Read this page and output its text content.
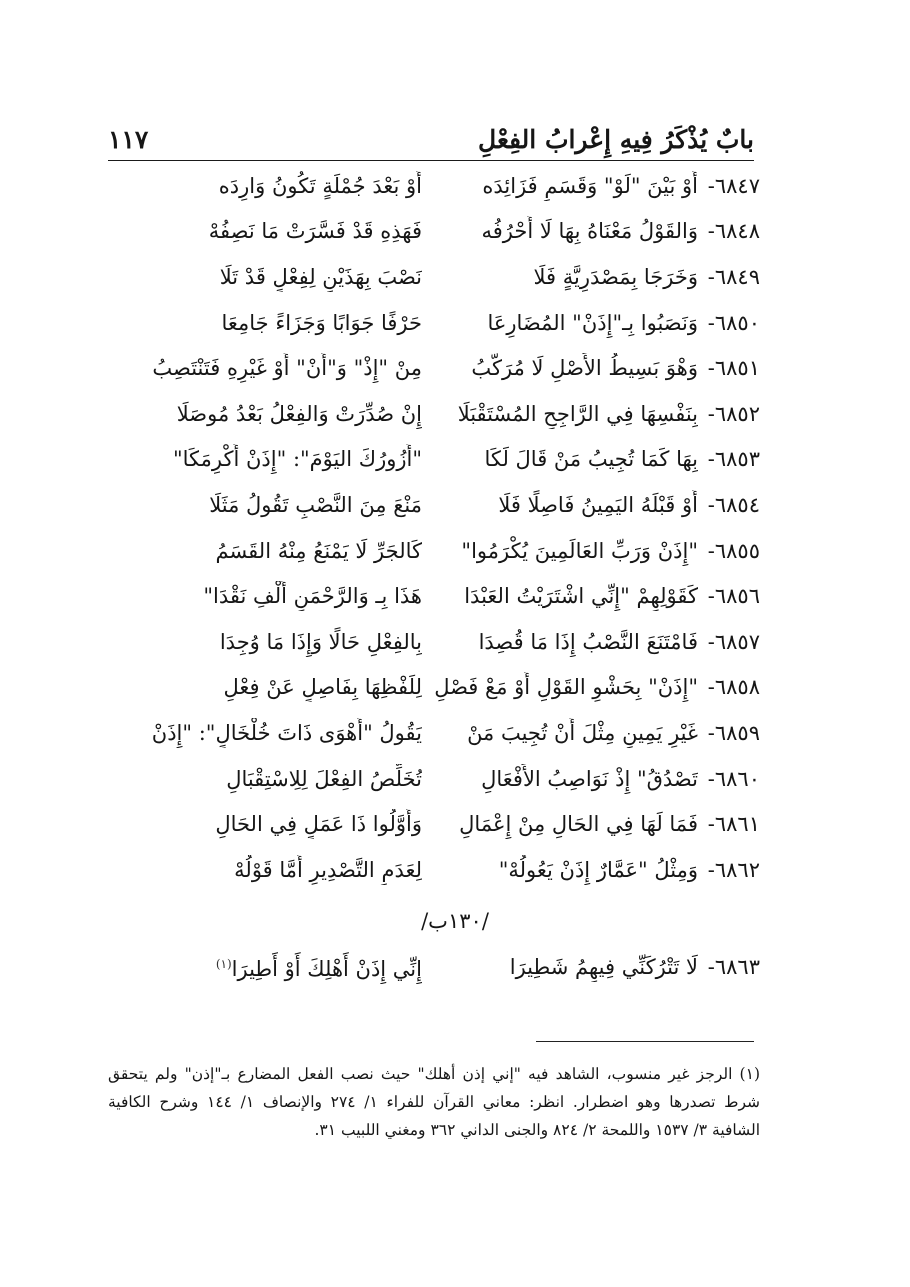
بابٌ يُذْكَرُ فِيهِ إِعْرابُ الفِعْلِ
١١٧
٦٨٤٧-
أَوْ بَيْنَ "لَوْ" وَقَسَمٍ فَزَائِدَه
أَوْ بَعْدَ جُمْلَةٍ تَكُونُ وَارِدَه
٦٨٤٨-
وَالقَوْلُ مَعْنَاهُ بِهَا لَا أَحْرُفُه
فَهَذِهِ قَدْ فَسَّرَتْ مَا نَصِفُهْ
٦٨٤٩-
وَخَرَجَا بِمَصْدَرِيَّةٍ فَلَا
نَصْبَ بِهَذَيْنِ لِفِعْلٍ قَدْ تَلَا
٦٨٥٠-
وَنَصَبُوا بِـ"إِذَنْ" المُضَارِعَا
حَرْفًا جَوَابًا وَجَزَاءً جَامِعَا
٦٨٥١-
وَهْوَ بَسِيطُ الأَصْلِ لَا مُرَكَّبُ
مِنْ "إِذْ" وَ"أَنْ" أَوْ غَيْرِهِ فَتَنْتَصِبُ
٦٨٥٢-
بِنَفْسِهَا فِي الرَّاجِحِ المُسْتَقْبَلَا
إِنْ صُدِّرَتْ وَالفِعْلُ بَعْدُ مُوصَلَا
٦٨٥٣-
بِهَا كَمَا تُجِيبُ مَنْ قَالَ لَكَا
"أَزُورُكَ اليَوْمَ": "إِذَنْ أُكْرِمَكَا"
٦٨٥٤-
أَوْ قَبْلَهُ اليَمِينُ فَاصِلًا فَلَا
مَنْعَ مِنَ النَّصْبِ تَقُولُ مَثَلَا
٦٨٥٥-
"إِذَنْ وَرَبِّ العَالَمِينَ يُكْرَمُوا"
كَالجَرِّ لَا يَمْنَعُ مِنْهُ القَسَمُ
٦٨٥٦-
كَقَوْلِهِمْ "إِنِّي اشْتَرَيْتُ العَبْدَا
هَذَا بِـ وَالرَّحْمَنِ أَلْفِ نَقْدَا"
٦٨٥٧-
فَامْتَنَعَ النَّصْبُ إِذَا مَا قُصِدَا
بِالفِعْلِ حَالًا وَإِذَا مَا وُجِدَا
٦٨٥٨-
"إِذَنْ" بِحَشْوِ القَوْلِ أَوْ مَعْ فَصْلِ
لِلَفْظِهَا بِفَاصِلٍ عَنْ فِعْلِ
٦٨٥٩-
غَيْرِ يَمِينٍ مِثْلَ أَنْ تُجِيبَ مَنْ
يَقُولُ "أَهْوَى ذَاتَ خُلْخَالٍ": "إِذَنْ
٦٨٦٠-
تَصْدُقُ" إِذْ نَوَاصِبُ الأَفْعَالِ
تُخَلِّصُ الفِعْلَ لِلِاسْتِقْبَالِ
٦٨٦١-
فَمَا لَهَا فِي الحَالِ مِنْ إِعْمَالِ
وَأَوَّلُوا ذَا عَمَلٍ فِي الحَالِ
٦٨٦٢-
وَمِثْلُ "عَمَّارٌ إِذَنْ يَعُولُهْ"
لِعَدَمِ التَّصْدِيرِ أَمَّا قَوْلُهْ
/١٣٠ب/
٦٨٦٣-
لَا تَتْرُكَنِّي فِيهِمُ شَطِيرَا
إِنِّي إِذَنْ أَهْلِكَ أَوْ أَطِيرَا$^{(١)}$
(١) الرجز غير منسوب، الشاهد فيه "إني إذن أهلك" حيث نصب الفعل المضارع بـ"إذن" ولم يتحقق شرط تصدرها وهو اضطرار. انظر: معاني القرآن للفراء ١/ ٢٧٤ والإنصاف ١/ ١٤٤ وشرح الكافية الشافية ٣/ ١٥٣٧ واللمحة ٢/ ٨٢٤ والجنى الداني ٣٦٢ ومغني اللبيب ٣١.
